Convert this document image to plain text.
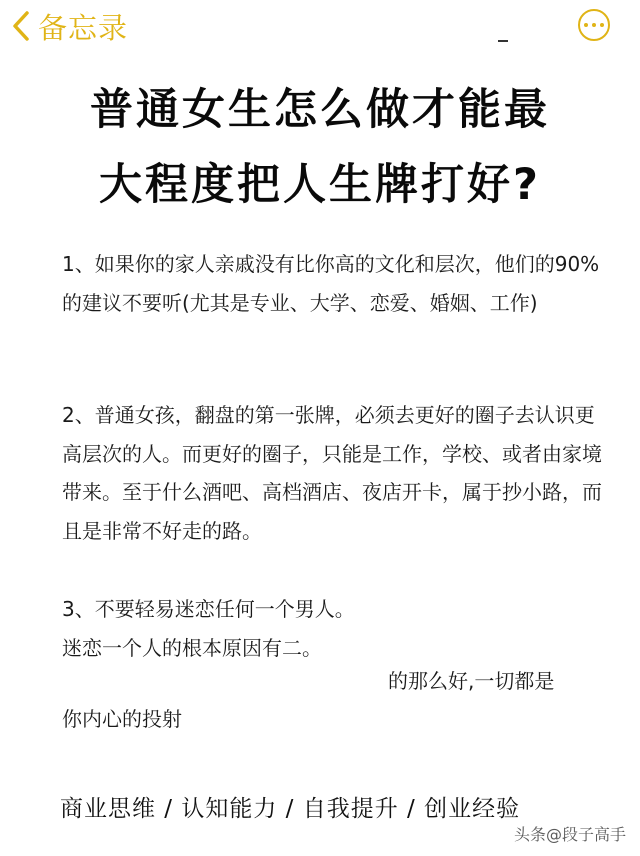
备忘录
普通女生怎么做才能最
大程度把人生牌打好?
1、如果你的家人亲戚没有比你高的文化和层次，他们的90%的建议不要听(尤其是专业、大学、恋爱、婚姻、工作)
2、普通女孩，翻盘的第一张牌，必须去更好的圈子去认识更高层次的人。而更好的圈子，只能是工作，学校、或者由家境带来。至于什么酒吧、高档酒店、夜店开卡，属于抄小路，而且是非常不好走的路。
3、不要轻易迷恋任何一个男人。
迷恋一个人的根本原因有二。
的那么好,一切都是
你内心的投射
商业思维 / 认知能力 / 自我提升 / 创业经验
头条@段子高手
